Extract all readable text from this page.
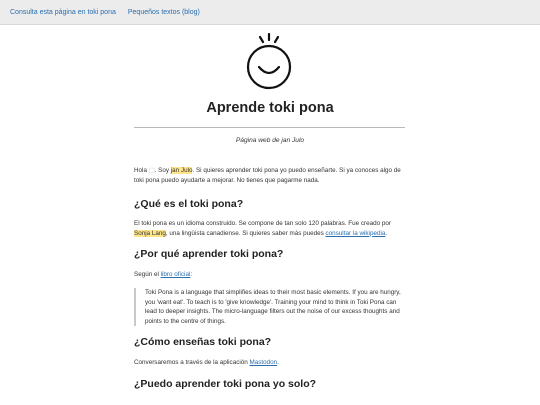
Consulta esta página en toki pona Pequeños textos (blog)
Aprende toki pona
Página web de jan Julo

Hola ⬚. Soy jan Julo. Si quieres aprender toki pona yo puedo enseñarte. Si ya conoces algo de toki pona puedo ayudarte a mejorar. No tienes que pagarme nada.

¿Qué es el toki pona?

El toki pona es un idioma construido. Se compone de tan solo 120 palabras. Fue creado por Sonja Lang, una lingüista canadiense. Si quieres saber más puedes consultar la wikipedia.

¿Por qué aprender toki pona?

Según el libro oficial:

Toki Pona is a language that simplifies ideas to their most basic elements. If you are hungry, you 'want eat'. To teach is to 'give knowledge'. Training your mind to think in Toki Pona can lead to deeper insights. The micro-language filters out the noise of our excess thoughts and points to the centre of things.
¿Cómo enseñas toki pona?

Conversaremos a través de la aplicación Mastodon.

¿Puedo aprender toki pona yo solo?
